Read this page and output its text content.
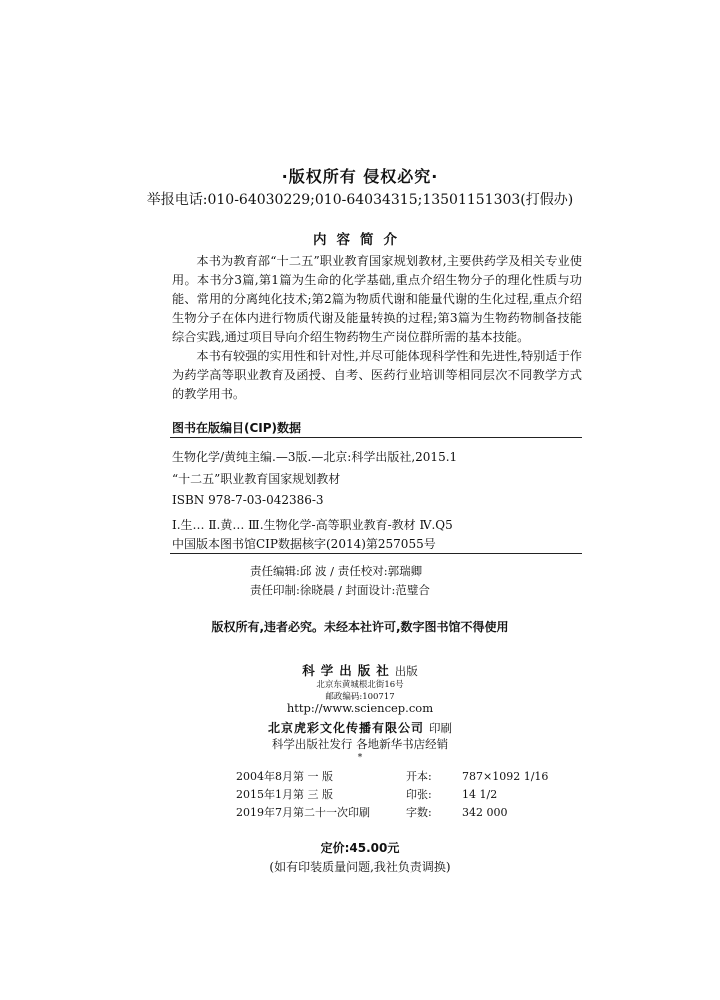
·版权所有 侵权必究·
举报电话:010-64030229;010-64034315;13501151303(打假办)
内容简介

本书为教育部“十二五”职业教育国家规划教材,主要供药学及相关专业使用。本书分3篇,第1篇为生命的化学基础,重点介绍生物分子的理化性质与功能、常用的分离纯化技术;第2篇为物质代谢和能量代谢的生化过程,重点介绍生物分子在体内进行物质代谢及能量转换的过程;第3篇为生物药物制备技能综合实践,通过项目导向介绍生物药物生产岗位群所需的基本技能。

本书有较强的实用性和针对性,并尽可能体现科学性和先进性,特别适于作为药学高等职业教育及函授、自考、医药行业培训等相同层次不同教学方式的教学用书。

图书在版编目(CIP)数据
生物化学/黄纯主编.—3版.—北京:科学出版社,2015.1
“十二五”职业教育国家规划教材
ISBN 978-7-03-042386-3
Ⅰ.生… Ⅱ.黄… Ⅲ.生物化学-高等职业教育-教材 Ⅳ.Q5
中国版本图书馆CIP数据核字(2014)第257055号
责任编辑:邱 波 / 责任校对:郭瑞卿
责任印制:徐晓晨 / 封面设计:范璧合
版权所有,违者必究。未经本社许可,数字图书馆不得使用
科学出版社出版
北京东黄城根北街16号
邮政编码:100717
http://www.sciencep.com
北京虎彩文化传播有限公司 印刷
科学出版社发行 各地新华书店经销
*
2004年8月第 一 版	开本:	787×1092 1/16
2015年1月第 三 版	印张:	14 1/2
2019年7月第二十一次印刷	字数:	342 000
定价:45.00元
(如有印装质量问题,我社负责调换)
